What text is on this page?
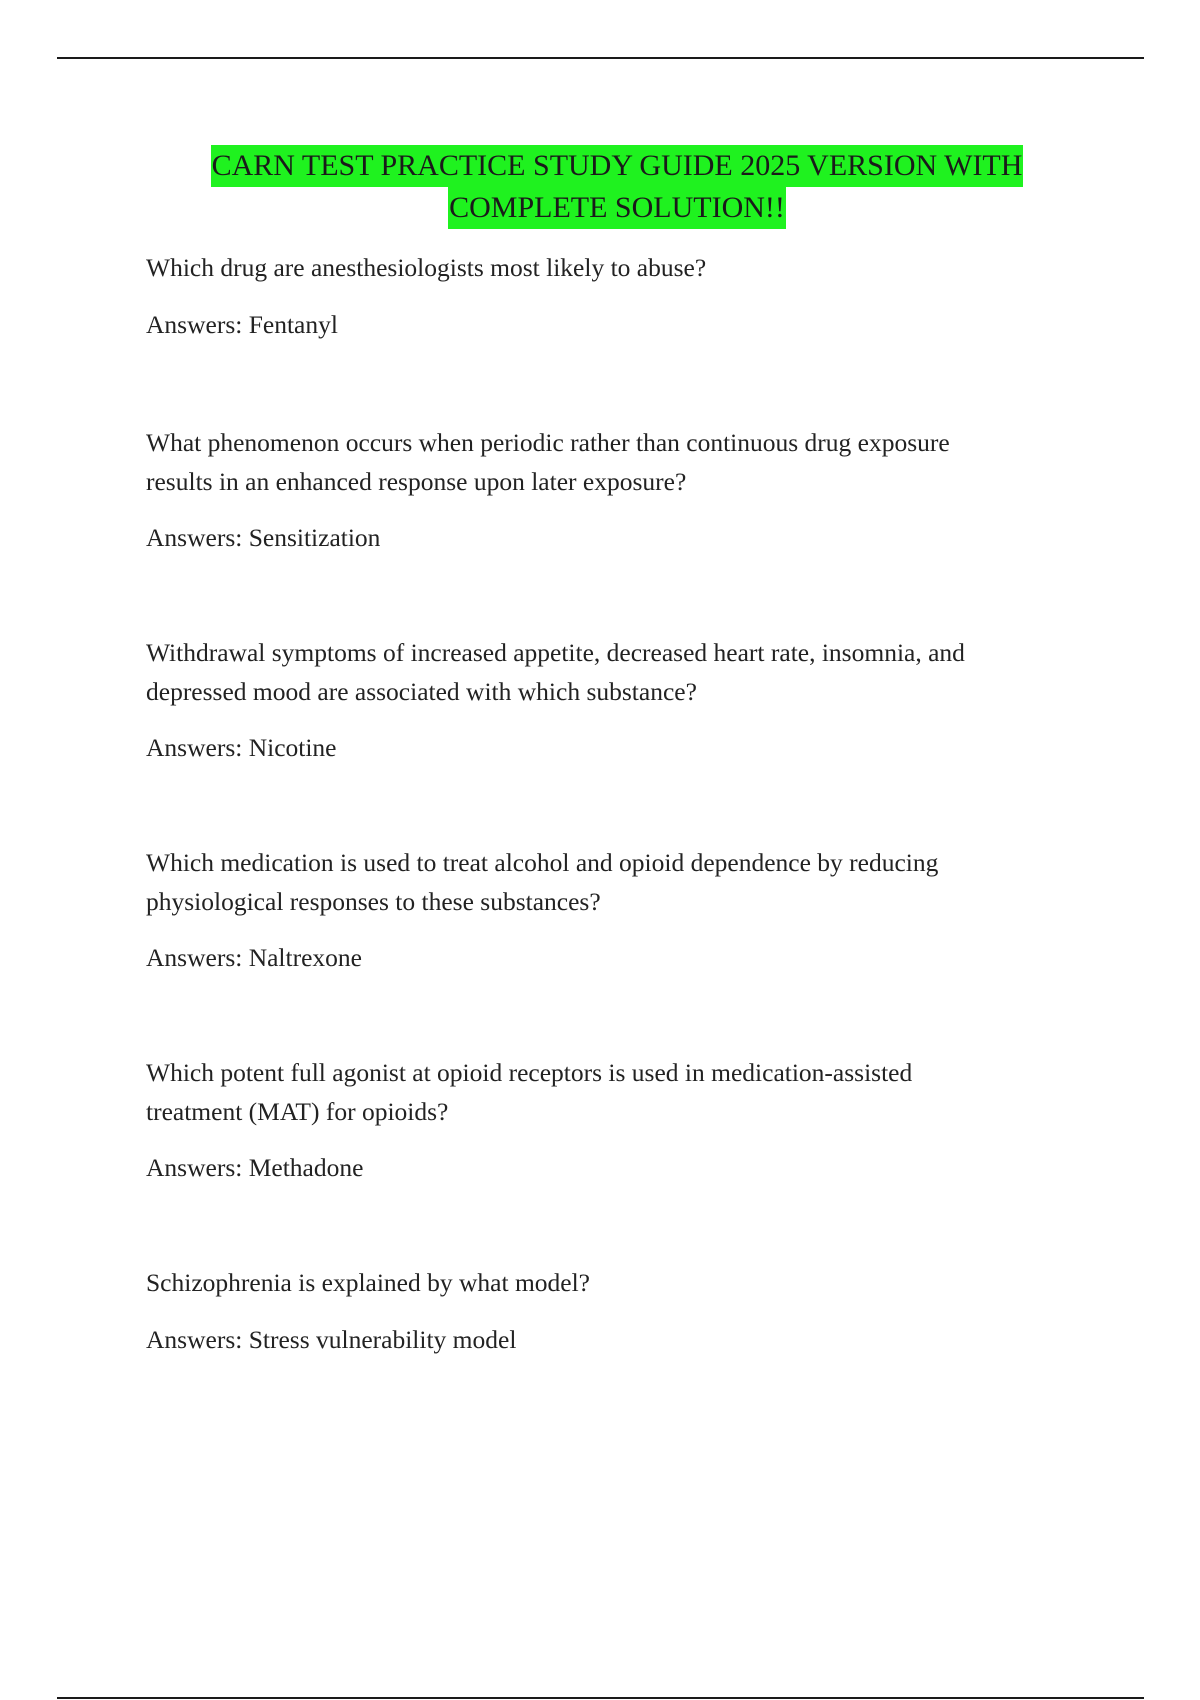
CARN TEST PRACTICE STUDY GUIDE 2025 VERSION WITH
COMPLETE SOLUTION!!

Which drug are anesthesiologists most likely to abuse?

Answers: Fentanyl

What phenomenon occurs when periodic rather than continuous drug exposure
results in an enhanced response upon later exposure?

Answers: Sensitization

Withdrawal symptoms of increased appetite, decreased heart rate, insomnia, and
depressed mood are associated with which substance?

Answers: Nicotine

Which medication is used to treat alcohol and opioid dependence by reducing
physiological responses to these substances?

Answers: Naltrexone

Which potent full agonist at opioid receptors is used in medication-assisted
treatment (MAT) for opioids?

Answers: Methadone

Schizophrenia is explained by what model?

Answers: Stress vulnerability model
